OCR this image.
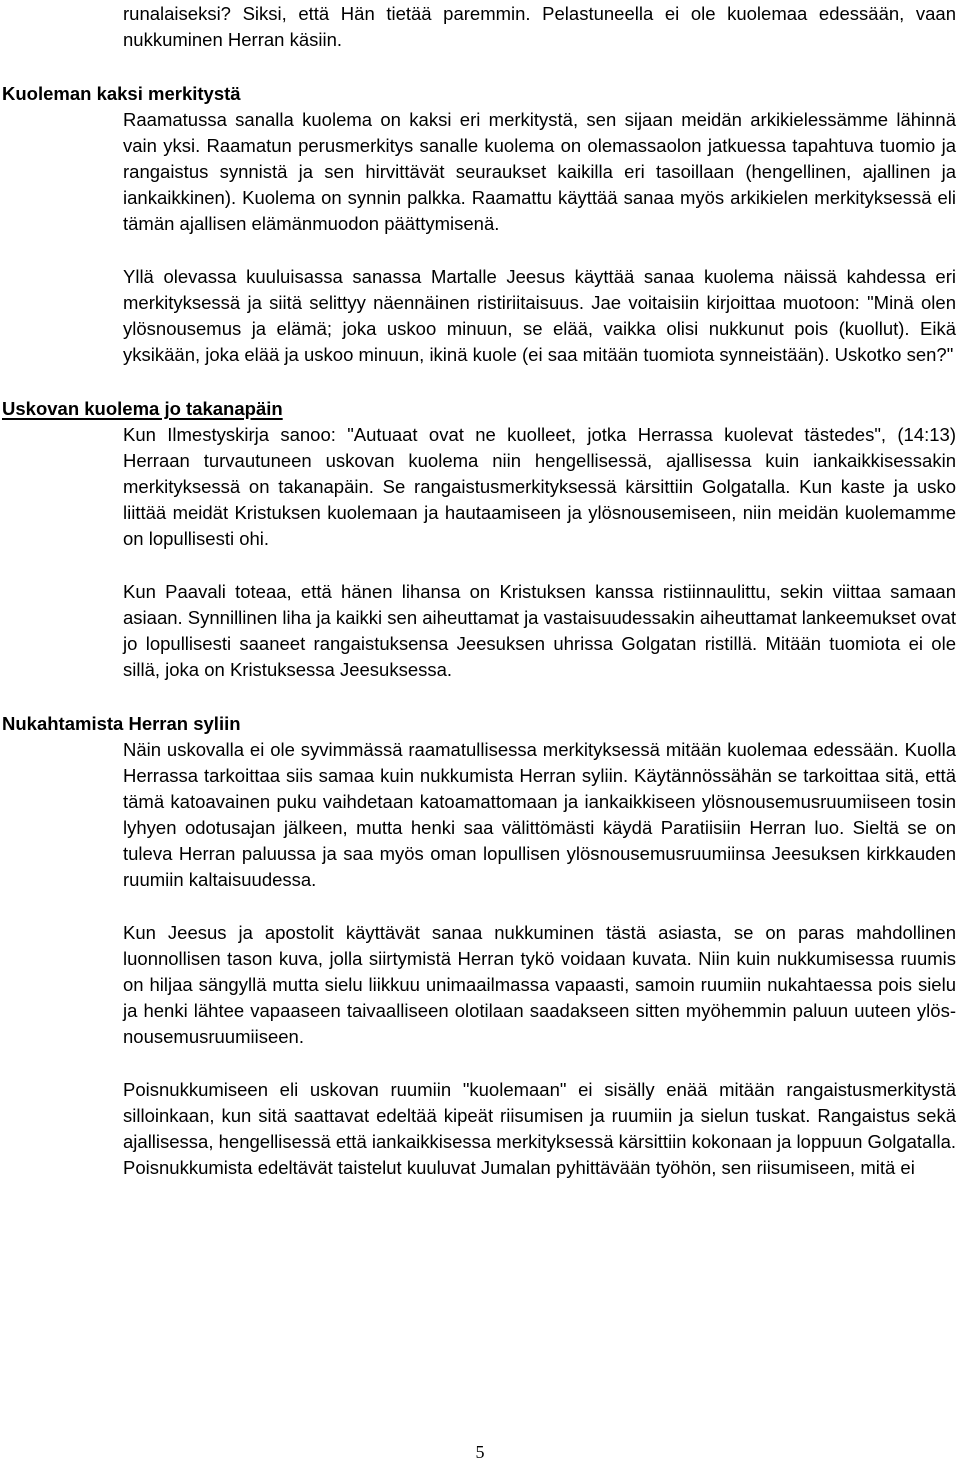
runalaiseksi? Siksi, että Hän tietää paremmin. Pelastuneella ei ole kuolemaa edessään, vaan nukkuminen Herran käsiin.

Kuoleman kaksi merkitystä

Raamatussa sanalla kuolema on kaksi eri merkitystä, sen sijaan meidän arkikielessämme lähinnä vain yksi. Raamatun perusmerkitys sanalle kuolema on olemassaolon jatkuessa tapahtuva tuomio ja rangaistus synnistä ja sen hirvittävät seuraukset kaikilla eri tasoillaan (hengellinen, ajallinen ja iankaikkinen). Kuolema on synnin palkka. Raamattu käyttää sanaa myös arkikielen merkityksessä eli tämän ajallisen elämänmuodon päättymisenä.

Yllä olevassa kuuluisassa sanassa Martalle Jeesus käyttää sanaa kuolema näissä kahdessa eri merkityksessä ja siitä selittyy näennäinen ristiriitaisuus. Jae voitaisiin kirjoittaa muotoon: "Minä olen ylösnousemus ja elämä; joka uskoo minuun, se elää, vaikka olisi nukkunut pois (kuollut). Eikä yksikään, joka elää ja uskoo minuun, ikinä kuole (ei saa mitään tuomiota synneistään). Uskotko sen?"

Uskovan kuolema jo takanapäin

Kun Ilmestyskirja sanoo: "Autuaat ovat ne kuolleet, jotka Herrassa kuolevat tästedes", (14:13) Herraan turvautuneen uskovan kuolema niin hengellisessä, ajallisessa kuin iankaikkisessakin merkityksessä on takanapäin. Se rangaistusmerkityksessä kärsittiin Golgatalla. Kun kaste ja usko liittää meidät Kristuksen kuolemaan ja hautaamiseen ja ylösnousemiseen, niin meidän kuolemamme on lopullisesti ohi.

Kun Paavali toteaa, että hänen lihansa on Kristuksen kanssa ristiinnaulittu, sekin viittaa samaan asiaan. Synnillinen liha ja kaikki sen aiheuttamat ja vastaisuudessakin aiheuttamat lankeemukset ovat jo lopullisesti saaneet rangaistuksensa Jeesuksen uhrissa Golgatan ristillä. Mitään tuomiota ei ole sillä, joka on Kristuksessa Jeesuksessa.

Nukahtamista Herran syliin

Näin uskovalla ei ole syvimmässä raamatullisessa merkityksessä mitään kuolemaa edessään. Kuolla Herrassa tarkoittaa siis samaa kuin nukkumista Herran syliin. Käytännössähän se tarkoittaa sitä, että tämä katoavainen puku vaihdetaan katoamattomaan ja iankaikkiseen ylösnousemusruumiiseen tosin lyhyen odotusajan jälkeen, mutta henki saa välittömästi käydä Paratiisiin Herran luo. Sieltä se on tuleva Herran paluussa ja saa myös oman lopullisen ylösnousemusruumiinsa Jeesuksen kirkkauden ruumiin kaltaisuudessa.

Kun Jeesus ja apostolit käyttävät sanaa nukkuminen tästä asiasta, se on paras mahdollinen luonnollisen tason kuva, jolla siirtymistä Herran tykö voidaan kuvata. Niin kuin nukkumisessa ruumis on hiljaa sängyllä mutta sielu liikkuu unimaailmassa vapaasti, samoin ruumiin nukahtaessa pois sielu ja henki lähtee vapaaseen taivaalliseen olotilaan saadakseen sitten myöhemmin paluun uuteen ylösnousemusruumiiseen.

Poisnukkumiseen eli uskovan ruumiin "kuolemaan" ei sisälly enää mitään rangaistusmerkitystä silloinkaan, kun sitä saattavat edeltää kipeät riisumisen ja ruumiin ja sielun tuskat. Rangaistus sekä ajallisessa, hengellisessä että iankaikkisessa merkityksessä kärsittiin kokonaan ja loppuun Golgatalla. Poisnukkumista edeltävät taistelut kuuluvat Jumalan pyhittävään työhön, sen riisumiseen, mitä ei

5
